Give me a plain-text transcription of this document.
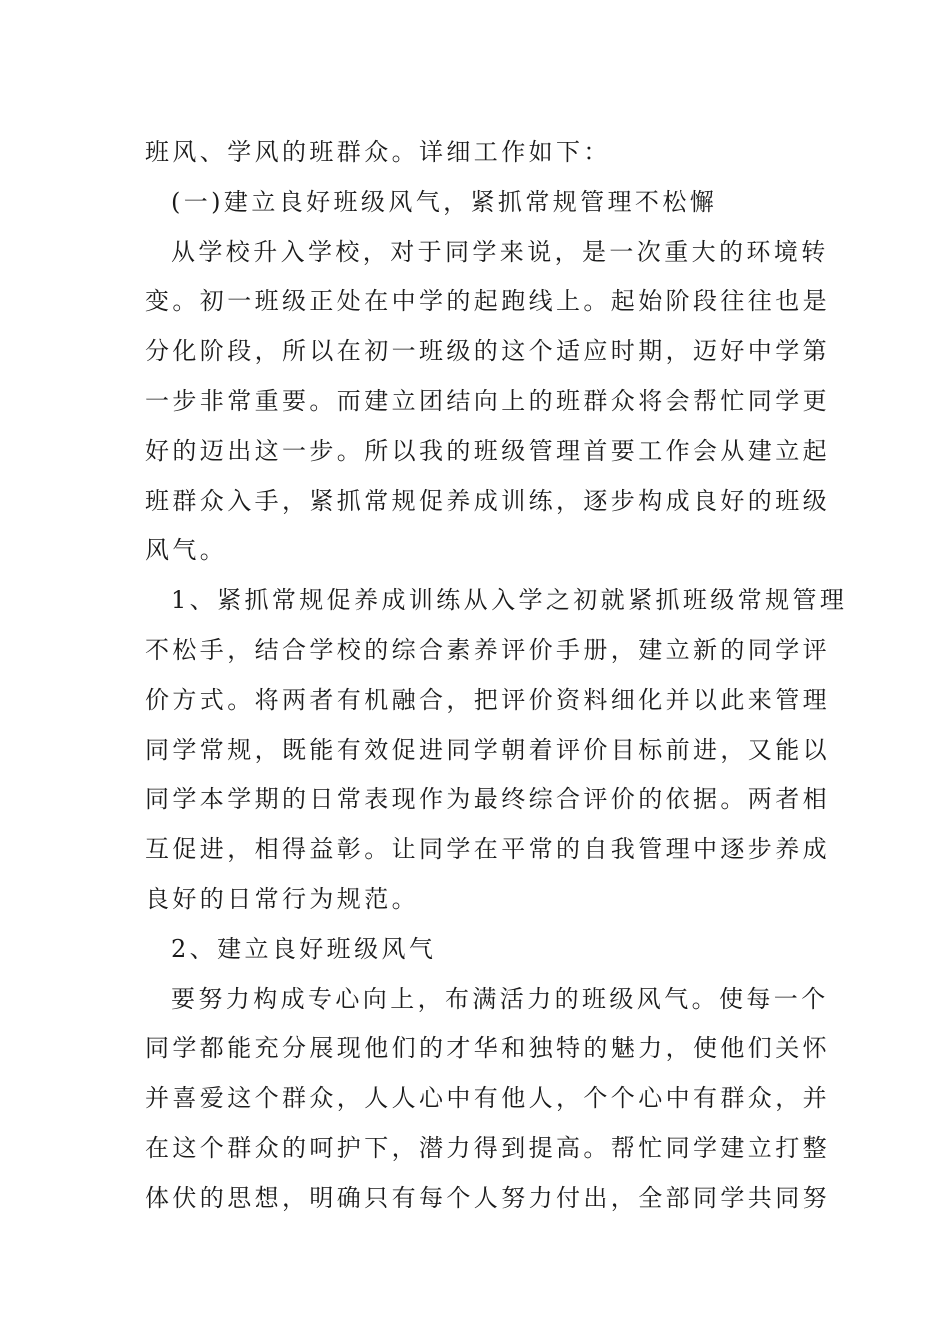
班风、学风的班群众。详细工作如下：
(一)建立良好班级风气，紧抓常规管理不松懈
从学校升入学校，对于同学来说，是一次重大的环境转
变。初一班级正处在中学的起跑线上。起始阶段往往也是
分化阶段，所以在初一班级的这个适应时期，迈好中学第
一步非常重要。而建立团结向上的班群众将会帮忙同学更
好的迈出这一步。所以我的班级管理首要工作会从建立起
班群众入手，紧抓常规促养成训练，逐步构成良好的班级
风气。
1、紧抓常规促养成训练从入学之初就紧抓班级常规管理
不松手，结合学校的综合素养评价手册，建立新的同学评
价方式。将两者有机融合，把评价资料细化并以此来管理
同学常规，既能有效促进同学朝着评价目标前进，又能以
同学本学期的日常表现作为最终综合评价的依据。两者相
互促进，相得益彰。让同学在平常的自我管理中逐步养成
良好的日常行为规范。
2、建立良好班级风气
要努力构成专心向上，布满活力的班级风气。使每一个
同学都能充分展现他们的才华和独特的魅力，使他们关怀
并喜爱这个群众，人人心中有他人，个个心中有群众，并
在这个群众的呵护下，潜力得到提高。帮忙同学建立打整
体伏的思想，明确只有每个人努力付出，全部同学共同努
